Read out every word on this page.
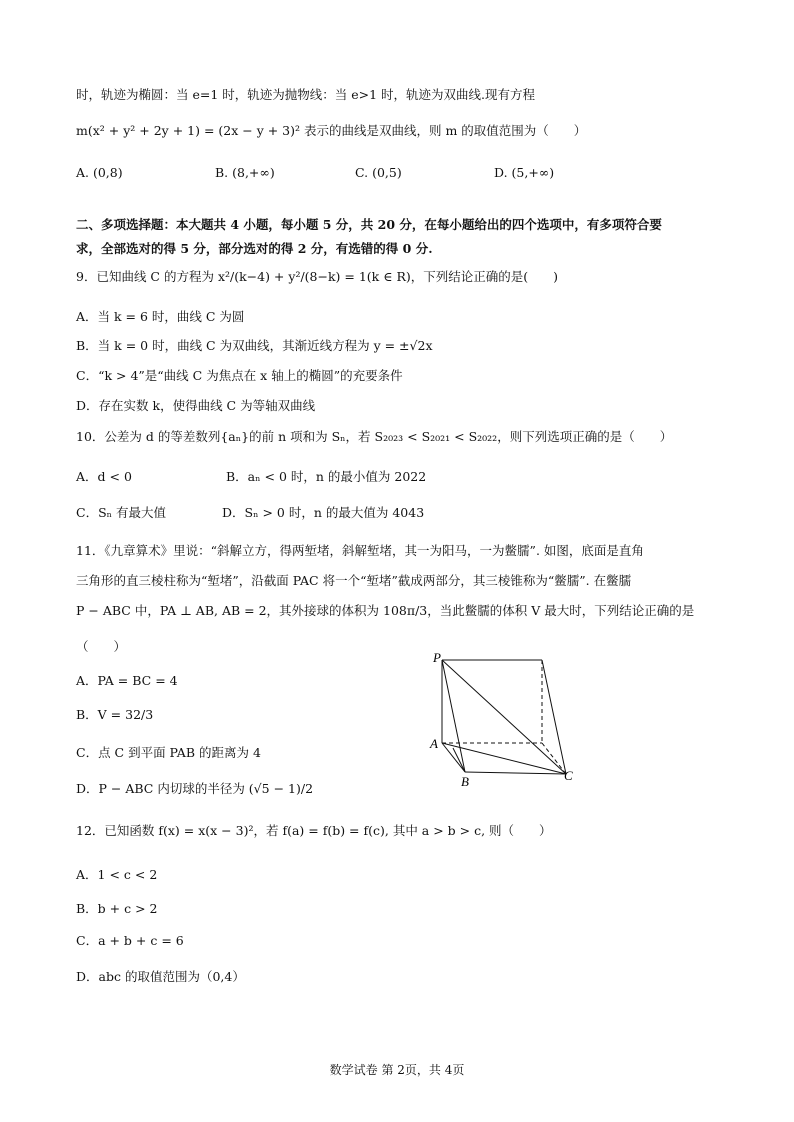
时，轨迹为椭圆：当 e=1 时，轨迹为抛物线：当 e>1 时，轨迹为双曲线.现有方程
m(x² + y² + 2y + 1) = (2x − y + 3)² 表示的曲线是双曲线，则 m 的取值范围为（　　）
A. (0,8)	B. (8,+∞)	C. (0,5)	D. (5,+∞)
二、多项选择题：本大题共 4 小题，每小题 5 分，共 20 分，在每小题给出的四个选项中，有多项符合要
求，全部选对的得 5 分，部分选对的得 2 分，有选错的得 0 分.
9．已知曲线 C 的方程为 x²/(k−4) + y²/(8−k) = 1(k ∈ R)，下列结论正确的是(　　)
A．当 k = 6 时，曲线 C 为圆
B．当 k = 0 时，曲线 C 为双曲线，其渐近线方程为 y = ±√2x
C．“k > 4”是“曲线 C 为焦点在 x 轴上的椭圆”的充要条件
D．存在实数 k，使得曲线 C 为等轴双曲线
10．公差为 d 的等差数列{aₙ}的前 n 项和为 Sₙ，若 S₂₀₂₃ < S₂₀₂₁ < S₂₀₂₂，则下列选项正确的是（　　）
A．d < 0	B．aₙ < 0 时，n 的最小值为 2022
C．Sₙ 有最大值	D．Sₙ > 0 时，n 的最大值为 4043
11．《九章算术》里说：“斜解立方，得两堑堵，斜解堑堵，其一为阳马，一为鳖臑”. 如图，底面是直角
三角形的直三棱柱称为“堑堵”，沿截面 PAC 将一个“堑堵”截成两部分，其三棱锥称为“鳖臑”. 在鳖臑
P − ABC 中，PA ⊥ AB, AB = 2，其外接球的体积为 108π/3，当此鳖臑的体积 V 最大时，下列结论正确的是
（　　）
A．PA = BC = 4
B．V = 32/3
C．点 C 到平面 PAB 的距离为 4
D．P − ABC 内切球的半径为 (√5 − 1)/2
P
A
B	C
12．已知函数 f(x) = x(x − 3)²，若 f(a) = f(b) = f(c), 其中 a > b > c, 则（　　）
A．1 < c < 2
B．b + c > 2
C．a + b + c = 6
D．abc 的取值范围为（0,4）
数学试卷 第 2页，共 4页
